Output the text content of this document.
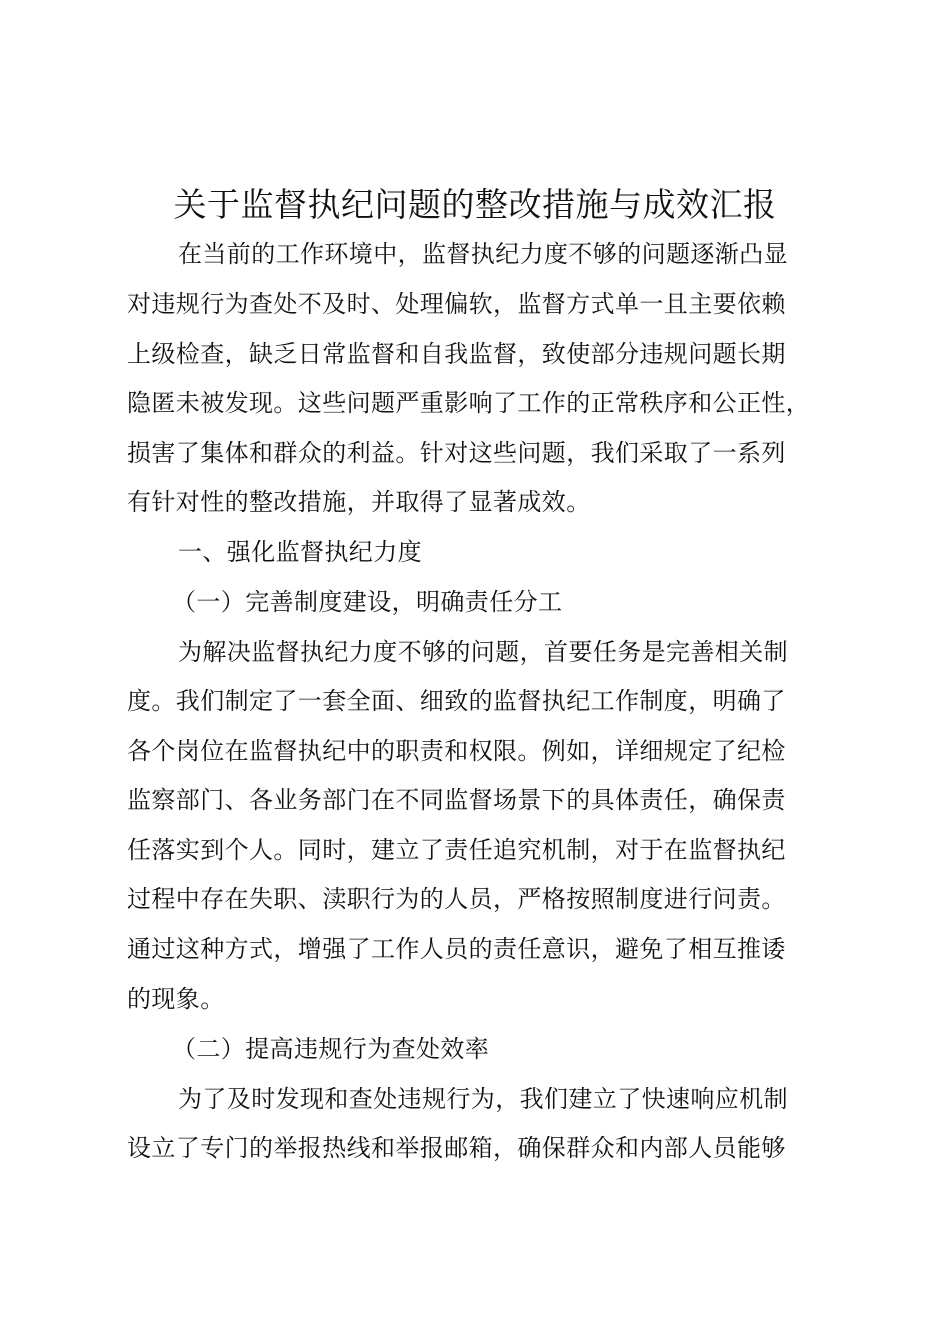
关于监督执纪问题的整改措施与成效汇报
在当前的工作环境中，监督执纪力度不够的问题逐渐凸显
对违规行为查处不及时、处理偏软，监督方式单一且主要依赖
上级检查，缺乏日常监督和自我监督，致使部分违规问题长期
隐匿未被发现。这些问题严重影响了工作的正常秩序和公正性，
损害了集体和群众的利益。针对这些问题，我们采取了一系列
有针对性的整改措施，并取得了显著成效。
一、强化监督执纪力度
（一）完善制度建设，明确责任分工
为解决监督执纪力度不够的问题，首要任务是完善相关制
度。我们制定了一套全面、细致的监督执纪工作制度，明确了
各个岗位在监督执纪中的职责和权限。例如，详细规定了纪检
监察部门、各业务部门在不同监督场景下的具体责任，确保责
任落实到个人。同时，建立了责任追究机制，对于在监督执纪
过程中存在失职、渎职行为的人员，严格按照制度进行问责。
通过这种方式，增强了工作人员的责任意识，避免了相互推诿
的现象。
（二）提高违规行为查处效率
为了及时发现和查处违规行为，我们建立了快速响应机制
设立了专门的举报热线和举报邮箱，确保群众和内部人员能够
